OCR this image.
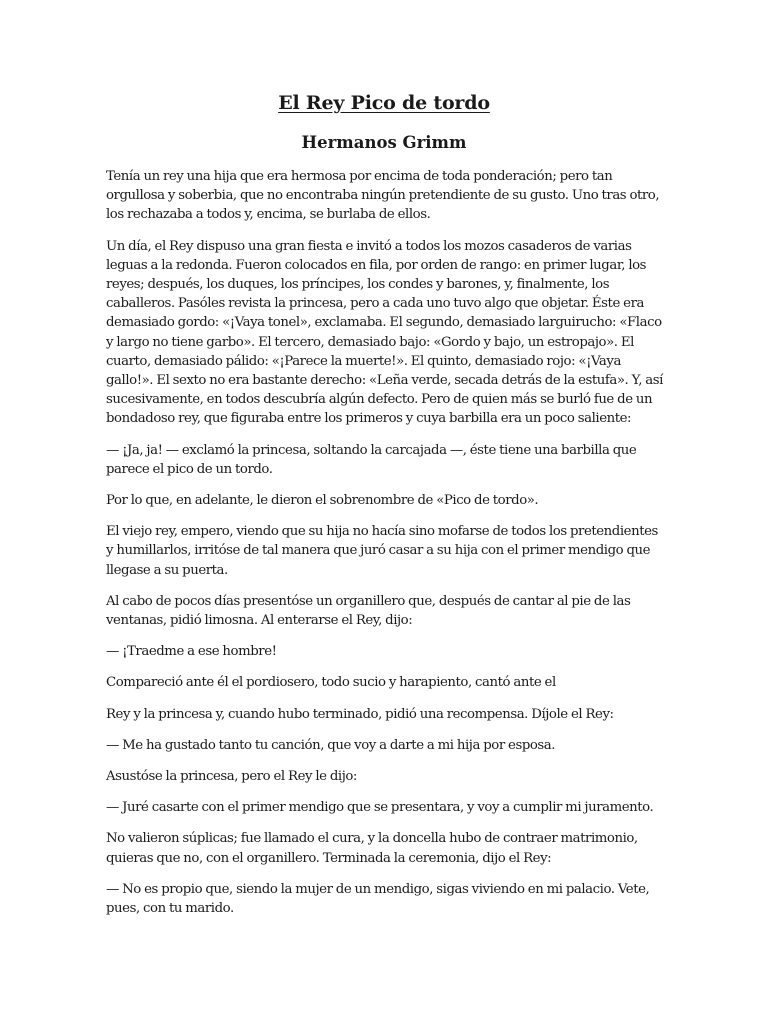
El Rey Pico de tordo
Hermanos Grimm

Tenía un rey una hija que era hermosa por encima de toda ponderación; pero tan orgullosa y soberbia, que no encontraba ningún pretendiente de su gusto. Uno tras otro, los rechazaba a todos y, encima, se burlaba de ellos.

Un día, el Rey dispuso una gran fiesta e invitó a todos los mozos casaderos de varias leguas a la redonda. Fueron colocados en fila, por orden de rango: en primer lugar, los reyes; después, los duques, los príncipes, los condes y barones, y, finalmente, los caballeros. Pasóles revista la princesa, pero a cada uno tuvo algo que objetar. Éste era demasiado gordo: «¡Vaya tonel», exclamaba. El segundo, demasiado larguirucho: «Flaco y largo no tiene garbo». El tercero, demasiado bajo: «Gordo y bajo, un estropajo». El cuarto, demasiado pálido: «¡Parece la muerte!». El quinto, demasiado rojo: «¡Vaya gallo!». El sexto no era bastante derecho: «Leña verde, secada detrás de la estufa». Y, así sucesivamente, en todos descubría algún defecto. Pero de quien más se burló fue de un bondadoso rey, que figuraba entre los primeros y cuya barbilla era un poco saliente:

— ¡Ja, ja! — exclamó la princesa, soltando la carcajada —, éste tiene una barbilla que parece el pico de un tordo.

Por lo que, en adelante, le dieron el sobrenombre de «Pico de tordo».

El viejo rey, empero, viendo que su hija no hacía sino mofarse de todos los pretendientes y humillarlos, irritóse de tal manera que juró casar a su hija con el primer mendigo que llegase a su puerta.

Al cabo de pocos días presentóse un organillero que, después de cantar al pie de las ventanas, pidió limosna. Al enterarse el Rey, dijo:

— ¡Traedme a ese hombre!

Compareció ante él el pordiosero, todo sucio y harapiento, cantó ante el

Rey y la princesa y, cuando hubo terminado, pidió una recompensa. Díjole el Rey:

— Me ha gustado tanto tu canción, que voy a darte a mi hija por esposa.

Asustóse la princesa, pero el Rey le dijo:

— Juré casarte con el primer mendigo que se presentara, y voy a cumplir mi juramento.

No valieron súplicas; fue llamado el cura, y la doncella hubo de contraer matrimonio, quieras que no, con el organillero. Terminada la ceremonia, dijo el Rey:

— No es propio que, siendo la mujer de un mendigo, sigas viviendo en mi palacio. Vete, pues, con tu marido.
